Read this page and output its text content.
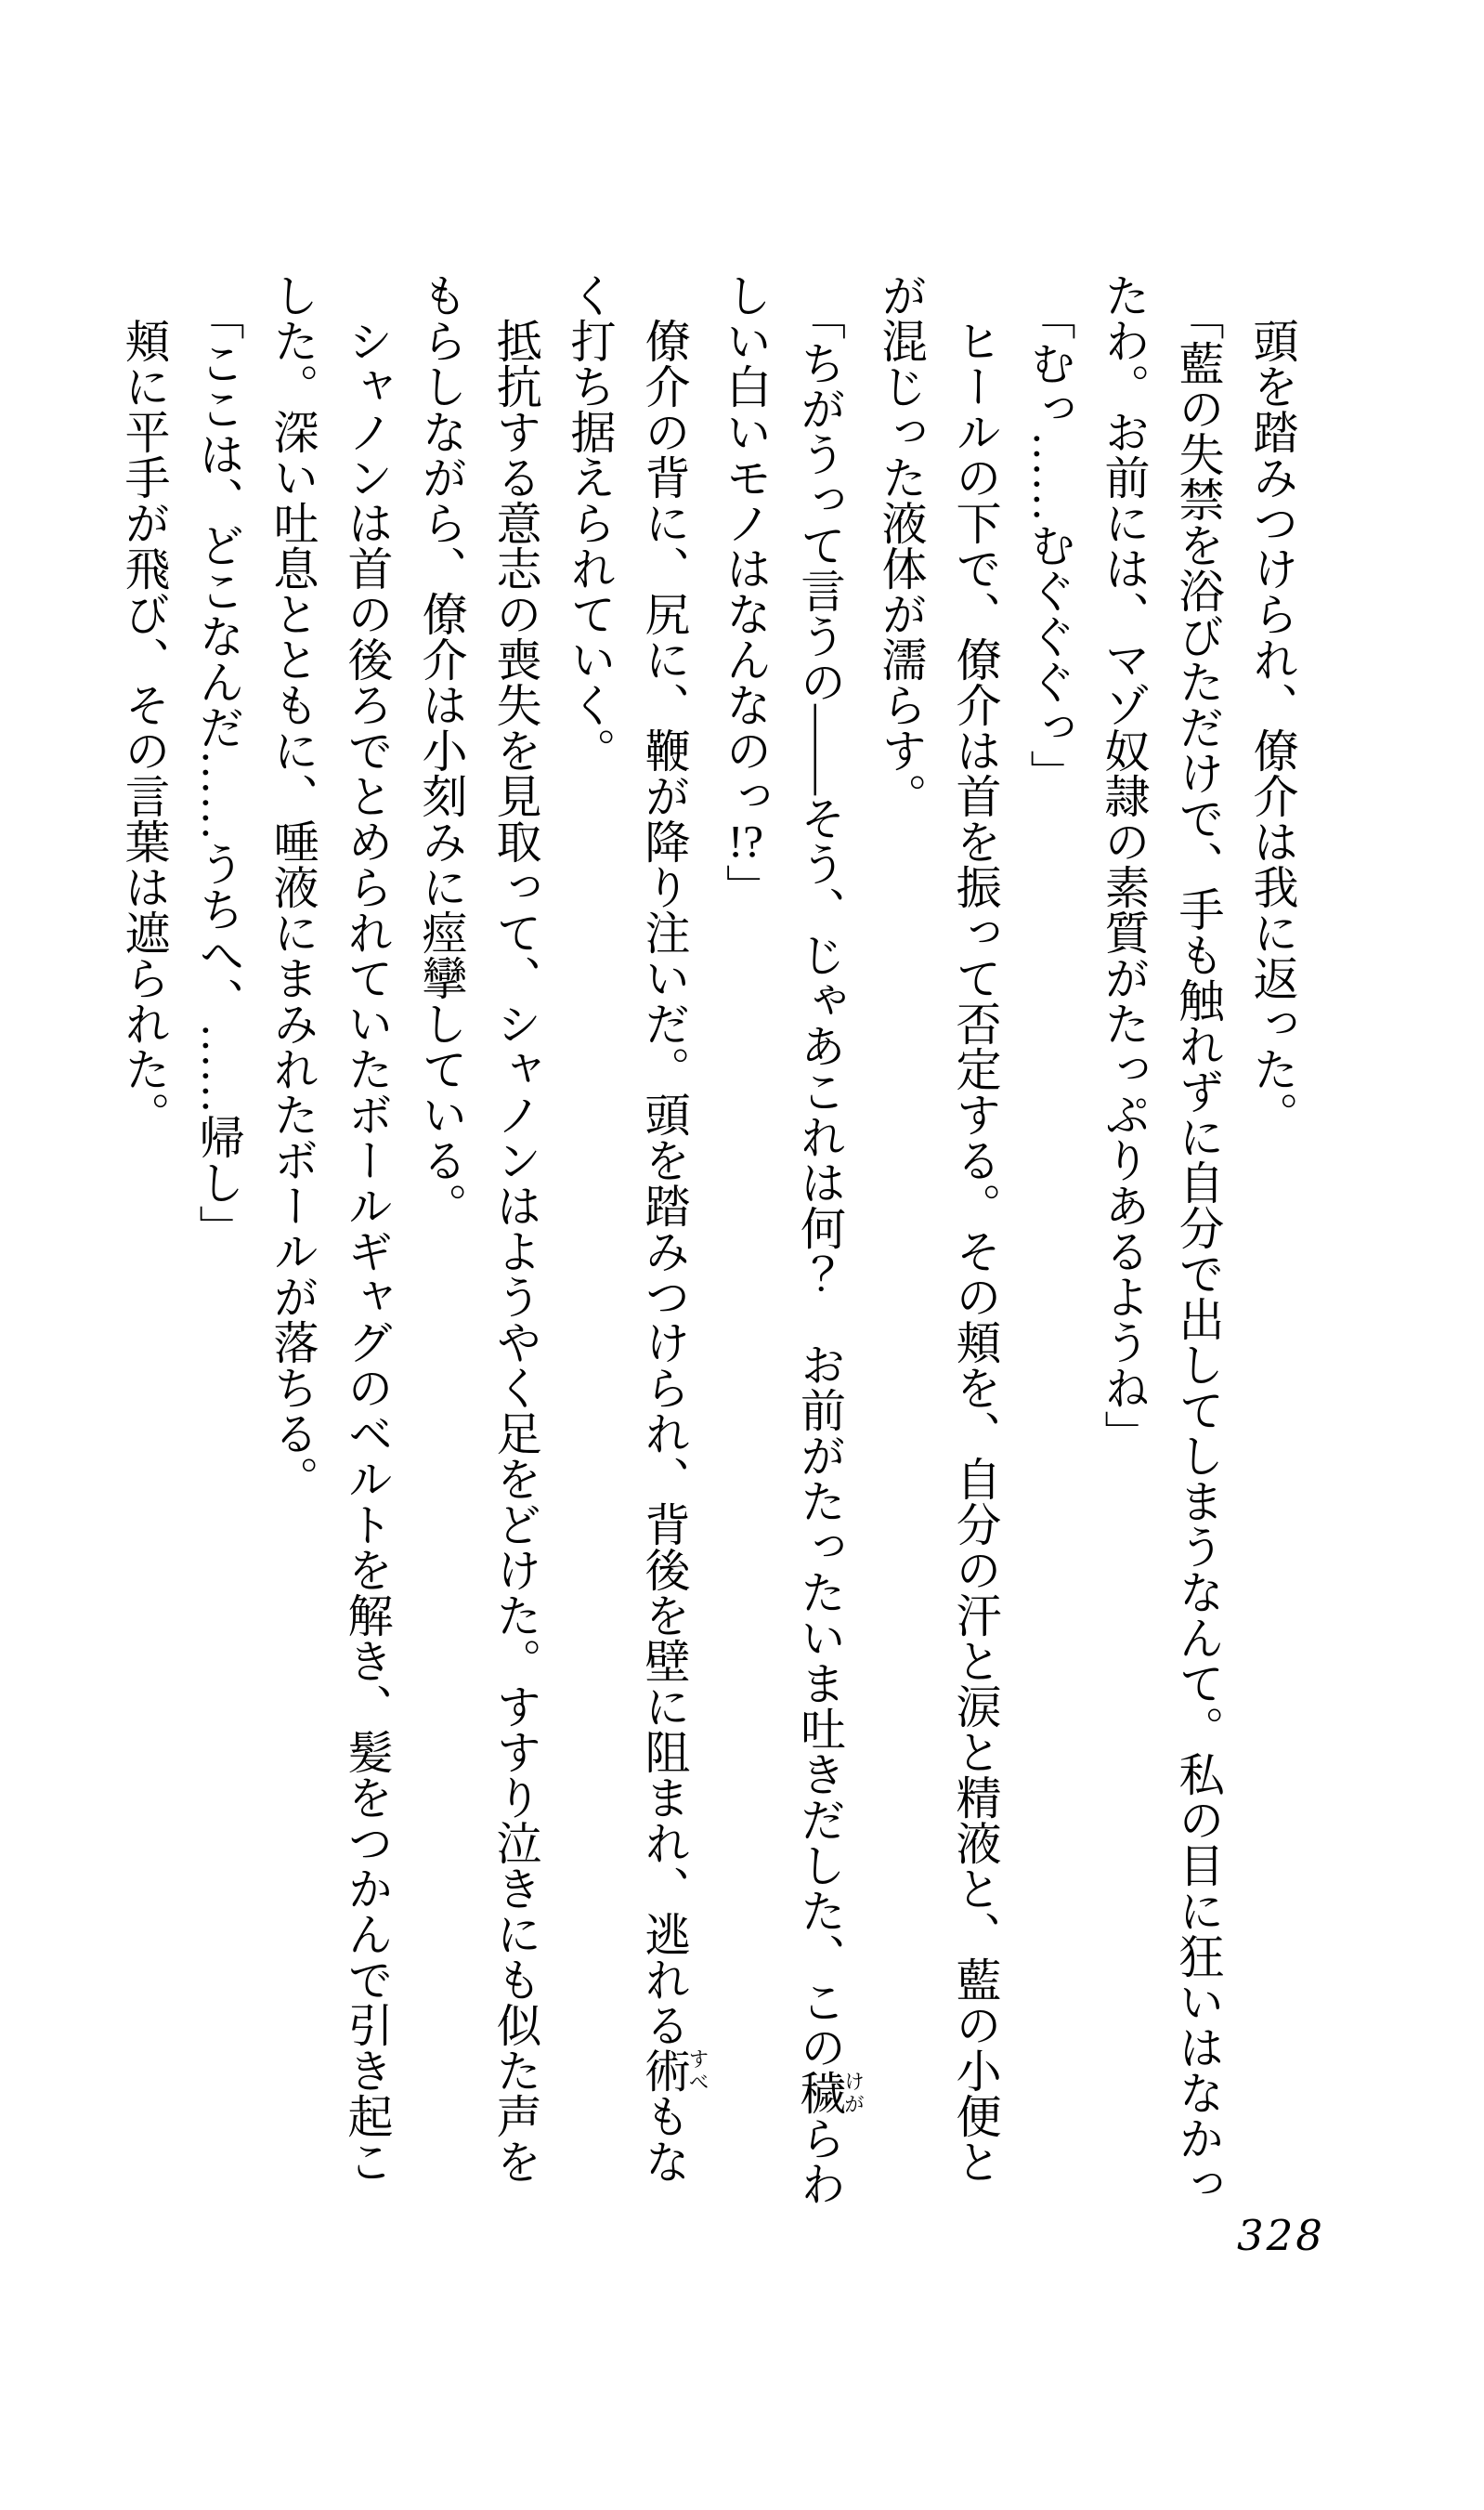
頭を踏みつけられ、僚介は我に返った。
「藍の失禁を浴びただけで、手も触れずに自分で出してしまうなんて。私の目に狂いはなかっ
たわ。お前には、マゾ奴隷の素質がたっぷりあるようね」
「むっ……むぐぐぐっ」
ヒールの下で、僚介は首を振って否定する。その頬を、自分の汗と涙と精液と、藍の小便と
が混じった液体が濡らす。
「ちがうって言うの――そう、じゃあこれは何？　お前がたったいま吐きだした、この穢けがらわ
しい白いモノはなんなのっ!?」
僚介の背に、尻に、鞭が降り注いだ。頭を踏みつけられ、背後を壁に阻まれ、逃れる術すべもな
く打ち据えられていく。
抵抗する意志の喪失を見取って、シャノンはようやく足をどけた。すすり泣きにも似た声を
もらしながら、僚介は小刻みに痙攣している。
シャノンは首の後ろでとめられていたボールギャグのベルトを解き、髪をつかんで引き起こ
した。深い吐息とともに、唾液にまみれたボールが落ちる。
「ここは、どこなんだ……うちへ、……帰し」
頬に平手が飛び、その言葉は遮られた。
328
